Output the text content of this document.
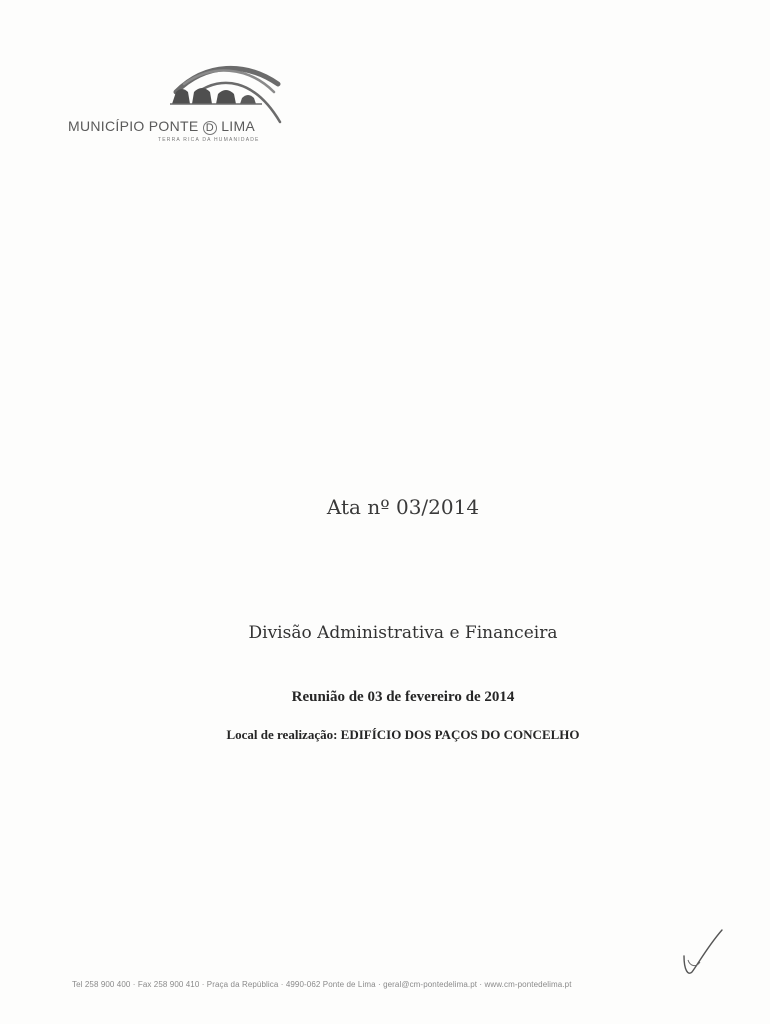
MUNICÍPIO PONTE D LIMA
TERRA RICA DA HUMANIDADE
Ata nº 03/2014
Divisão Administrativa e Financeira
Reunião de 03 de fevereiro de 2014
Local de realização: EDIFÍCIO DOS PAÇOS DO CONCELHO
Tel 258 900 400 · Fax 258 900 410 · Praça da República · 4990-062 Ponte de Lima · geral@cm-pontedelima.pt · www.cm-pontedelima.pt
